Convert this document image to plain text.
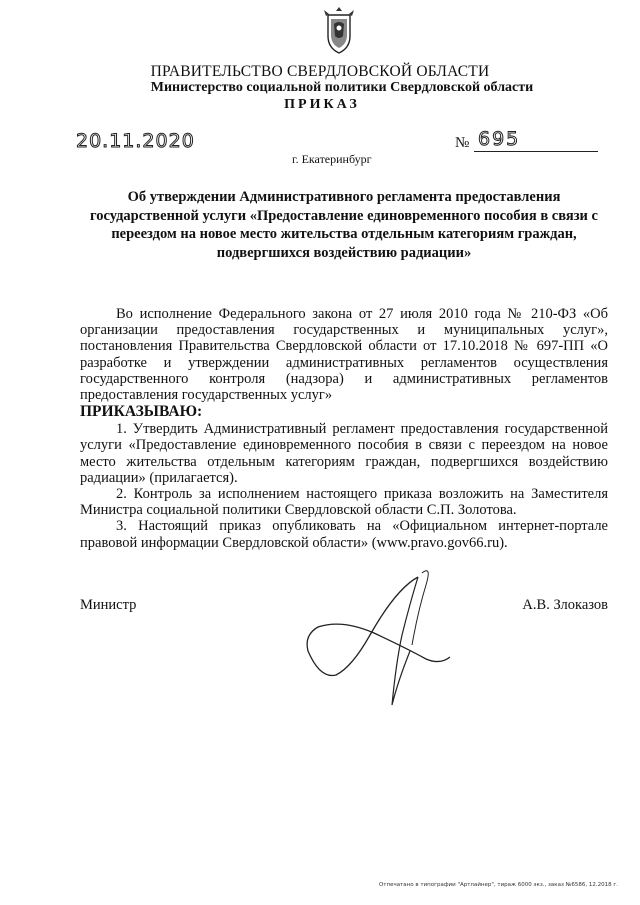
ПРАВИТЕЛЬСТВО СВЕРДЛОВСКОЙ ОБЛАСТИ
Министерство социальной политики Свердловской области
ПРИКАЗ
20.11.2020	№ 695
г. Екатеринбург
Об утверждении Административного регламента предоставления государственной услуги «Предоставление единовременного пособия в связи с переездом на новое место жительства отдельным категориям граждан, подвергшихся воздействию радиации»

Во исполнение Федерального закона от 27 июля 2010 года № 210-ФЗ «Об организации предоставления государственных и муниципальных услуг», постановления Правительства Свердловской области от 17.10.2018 № 697-ПП «О разработке и утверждении административных регламентов осуществления государственного контроля (надзора) и административных регламентов предоставления государственных услуг»

ПРИКАЗЫВАЮ:

1. Утвердить Административный регламент предоставления государственной услуги «Предоставление единовременного пособия в связи с переездом на новое место жительства отдельным категориям граждан, подвергшихся воздействию радиации» (прилагается).

2. Контроль за исполнением настоящего приказа возложить на Заместителя Министра социальной политики Свердловской области С.П. Золотова.

3. Настоящий приказ опубликовать на «Официальном интернет-портале правовой информации Свердловской области» (www.pravo.gov66.ru).

Министр	А.В. Злоказов
Отпечатано в типографии "Артлайнер", тираж 6000 экз., заказ №6586, 12.2018 г.
